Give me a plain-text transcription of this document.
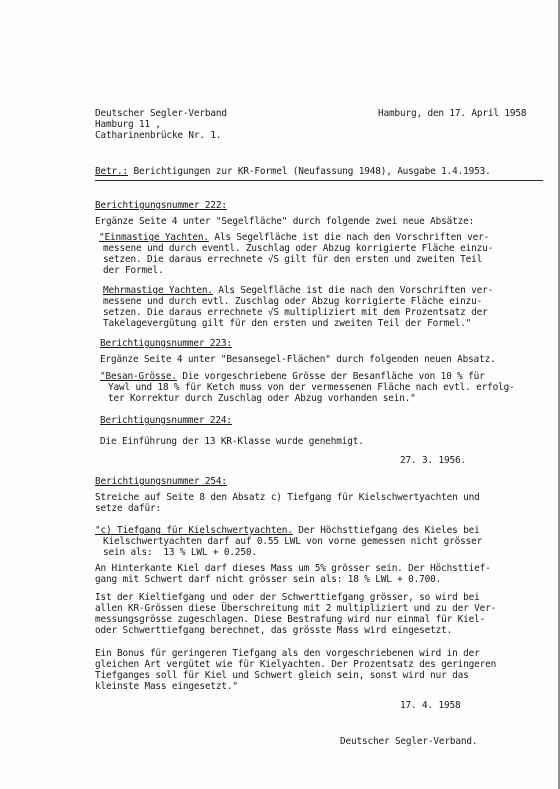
Deutscher Segler-Verband
Hamburg 11 ,
Catharinenbrücke Nr. 1.
Hamburg, den 17. April 1958
Betr.: Berichtigungen zur KR-Formel (Neufassung 1948), Ausgabe 1.4.1953.
Berichtigungsnummer 222:
Ergänze Seite 4 unter "Segelfläche" durch folgende zwei neue Absätze:
"Einmastige Yachten. Als Segelfläche ist die nach den Vorschriften ver-
messene und durch eventl. Zuschlag oder Abzug korrigierte Fläche einzu-
setzen. Die daraus errechnete √S gilt für den ersten und zweiten Teil
der Formel.
Mehrmastige Yachten. Als Segelfläche ist die nach den Vorschriften ver-
messene und durch evtl. Zuschlag oder Abzug korrigierte Fläche einzu-
setzen. Die daraus errechnete √S multipliziert mit dem Prozentsatz der
Takelagevergütung gilt für den ersten und zweiten Teil der Formel."
Berichtigungsnummer 223:
Ergänze Seite 4 unter "Besansegel-Flächen" durch folgenden neuen Absatz.
"Besan-Grösse. Die vorgeschriebene Grösse der Besanfläche von 10 % für
Yawl und 18 % für Ketch muss von der vermessenen Fläche nach evtl. erfolg-
ter Korrektur durch Zuschlag oder Abzug vorhanden sein."
Berichtigungsnummer 224:
Die Einführung der 13 KR-Klasse wurde genehmigt.
27. 3. 1956.
Berichtigungsnummer 254:
Streiche auf Seite 8 den Absatz c) Tiefgang für Kielschwertyachten und
setze dafür:
"c) Tiefgang für Kielschwertyachten. Der Höchsttiefgang des Kieles bei
Kielschwertyachten darf auf 0.55 LWL von vorne gemessen nicht grösser
sein als:  13 % LWL + 0.250.
An Hinterkante Kiel darf dieses Mass um 5% grösser sein. Der Höchsttief-
gang mit Schwert darf nicht grösser sein als: 18 % LWL + 0.700.
Ist der Kieltiefgang und oder der Schwerttiefgang grösser, so wird bei
allen KR-Grössen diese Überschreitung mit 2 multipliziert und zu der Ver-
messungsgrösse zugeschlagen. Diese Bestrafung wird nur einmal für Kiel-
oder Schwerttiefgang berechnet, das grösste Mass wird eingesetzt.
Ein Bonus für geringeren Tiefgang als den vorgeschriebenen wird in der
gleichen Art vergütet wie für Kielyachten. Der Prozentsatz des geringeren
Tiefganges soll für Kiel und Schwert gleich sein, sonst wird nur das
kleinste Mass eingesetzt."
17. 4. 1958
Deutscher Segler-Verband.
